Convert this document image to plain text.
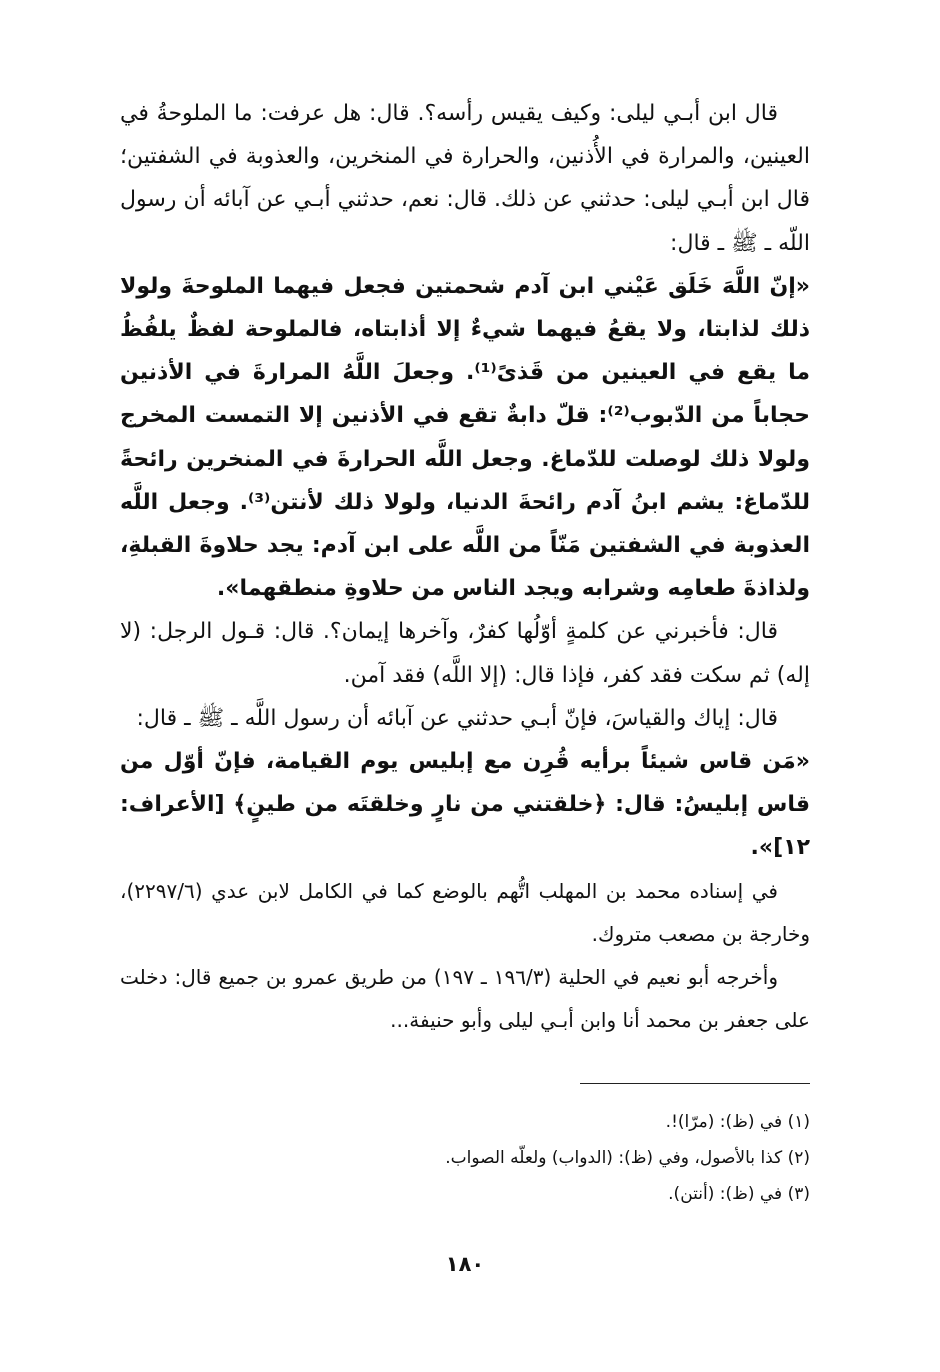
قال ابن أبـي ليلى: وكيف يقيس رأسه؟. قال: هل عرفت: ما الملوحةُ في العينين، والمرارة في الأُذنين، والحرارة في المنخرين، والعذوبة في الشفتين؛ قال ابن أبـي ليلى: حدثني عن ذلك. قال: نعم، حدثني أبـي عن آبائه أن رسول اللّه ـ ﷺ ـ قال:

«إنّ اللَّهَ خَلَق عَيْني ابن آدم شحمتين فجعل فيهما الملوحةَ ولولا ذلك لذابتا، ولا يقعُ فيهما شيءٌ إلا أذابتاه، فالملوحة لفظٌ يلفُظُ ما يقع في العينين من قَذىً⁽¹⁾. وجعلَ اللَّهُ المرارةَ في الأذنين حجاباً من الدّبوب⁽²⁾: قلّ دابةٌ تقع في الأذنين إلا التمست المخرج ولولا ذلك لوصلت للدّماغ. وجعل اللَّه الحرارةَ في المنخرين رائحةً للدّماغ: يشم ابنُ آدم رائحةَ الدنيا، ولولا ذلك لأنتن⁽³⁾. وجعل اللَّه العذوبة في الشفتين مَنّاً من اللَّه على ابن آدم: يجد حلاوةَ القبلةِ، ولذاذةَ طعامِه وشرابه ويجد الناس من حلاوةِ منطقهما».

قال: فأخبرني عن كلمةٍ أوّلُها كفرٌ، وآخرها إيمان؟. قال: قـول الرجل: (لا إله) ثم سكت فقد كفر، فإذا قال: (إلا اللَّه) فقد آمن.

قال: إياك والقياسَ، فإنّ أبـي حدثني عن آبائه أن رسول اللَّه ـ ﷺ ـ قال:

«مَن قاس شيئاً برأيه قُرِن مع إبليس يوم القيامة، فإنّ أوّل من قاس إبليسُ: قال: ﴿خلقتني من نارٍ وخلقتَه من طينٍ﴾ [الأعراف: ١٢]».

في إسناده محمد بن المهلب اتُّهم بالوضع كما في الكامل لابن عدي (٢٢٩٧/٦)، وخارجة بن مصعب متروك.

وأخرجه أبو نعيم في الحلية (١٩٦/٣ ـ ١٩٧) من طريق عمرو بن جميع قال: دخلت على جعفر بن محمد أنا وابن أبـي ليلى وأبو حنيفة...

(١) في (ظ): (مرّا)!.

(٢) كذا بالأصول، وفي (ظ): (الدواب) ولعلّه الصواب.

(٣) في (ظ): (أنتن).

١٨٠
